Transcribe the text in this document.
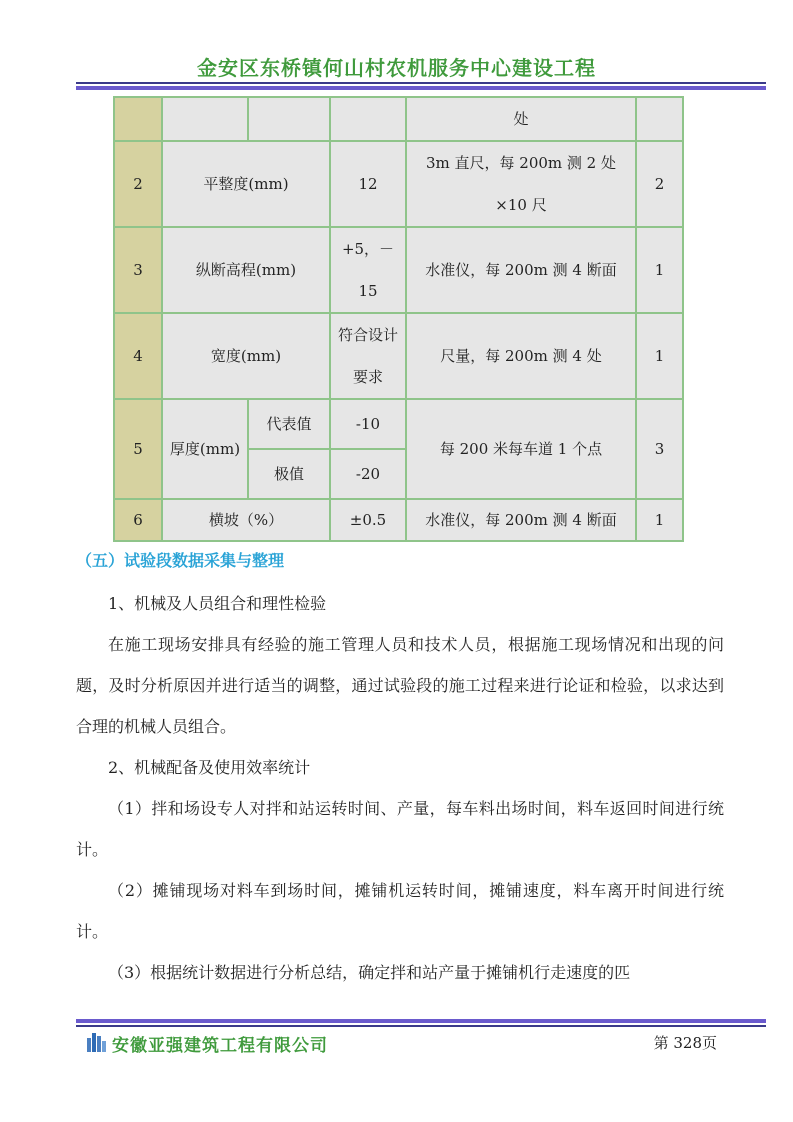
金安区东桥镇何山村农机服务中心建设工程
				处	
2	平整度(mm)		12	3m 直尺，每 200m 测 2 处×10 尺	2
3	纵断高程(mm)		+5，－15	水准仪，每 200m 测 4 断面	1
4	宽度(mm)		符合设计要求	尺量，每 200m 测 4 处	1
5	厚度(mm)	代表值	-10	每 200 米每车道 1 个点	3
		极值	-20		
6	横坡（%）		±0.5	水准仪，每 200m 测 4 断面	1
（五）试验段数据采集与整理
1、机械及人员组合和理性检验
在施工现场安排具有经验的施工管理人员和技术人员，根据施工现场情况和出现的问题，及时分析原因并进行适当的调整，通过试验段的施工过程来进行论证和检验，以求达到合理的机械人员组合。
2、机械配备及使用效率统计
（1）拌和场设专人对拌和站运转时间、产量，每车料出场时间，料车返回时间进行统计。
（2）摊铺现场对料车到场时间，摊铺机运转时间，摊铺速度，料车离开时间进行统计。
（3）根据统计数据进行分析总结，确定拌和站产量于摊铺机行走速度的匹
安徽亚强建筑工程有限公司	第 328页
